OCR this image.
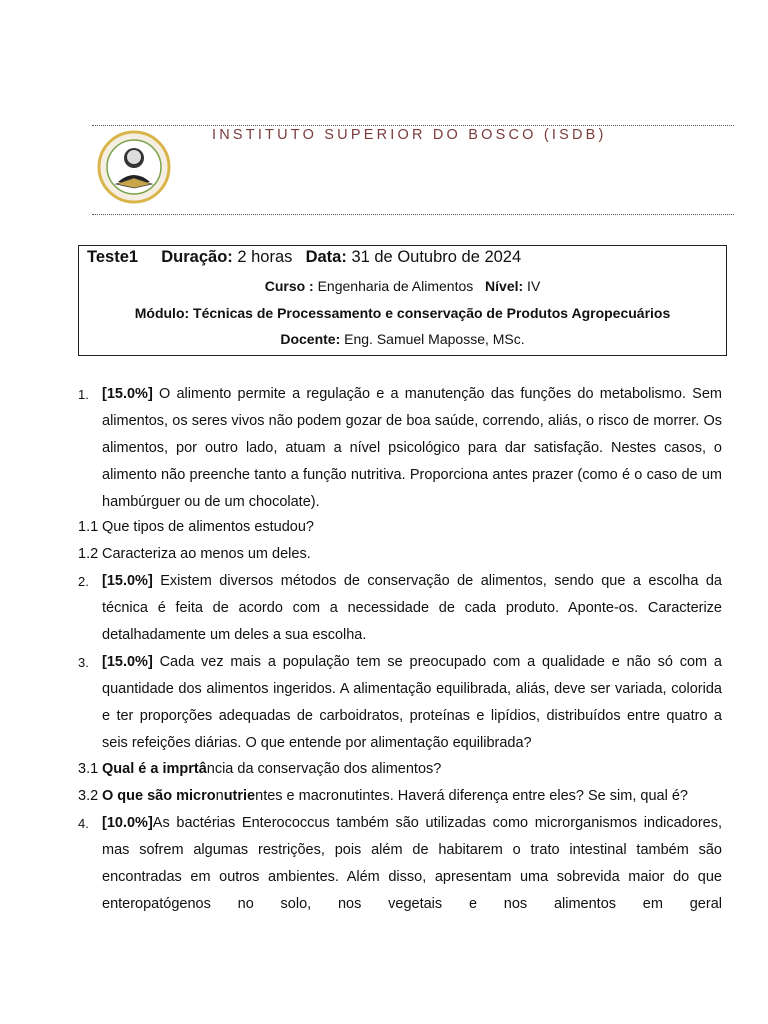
INSTITUTO SUPERIOR DO BOSCO (ISDB)
Teste1 Duração: 2 horas Data: 31 de Outubro de 2024
Curso : Engenharia de Alimentos Nível: IV
Módulo: Técnicas de Processamento e conservação de Produtos Agropecuários
Docente: Eng. Samuel Maposse, MSc.
1. [15.0%] O alimento permite a regulação e a manutenção das funções do metabolismo. Sem alimentos, os seres vivos não podem gozar de boa saúde, correndo, aliás, o risco de morrer. Os alimentos, por outro lado, atuam a nível psicológico para dar satisfação. Nestes casos, o alimento não preenche tanto a função nutritiva. Proporciona antes prazer (como é o caso de um hambúrguer ou de um chocolate).
1.1 Que tipos de alimentos estudou?
1.2 Caracteriza ao menos um deles.
2. [15.0%] Existem diversos métodos de conservação de alimentos, sendo que a escolha da técnica é feita de acordo com a necessidade de cada produto. Aponte-os. Caracterize detalhadamente um deles a sua escolha.
3. [15.0%] Cada vez mais a população tem se preocupado com a qualidade e não só com a quantidade dos alimentos ingeridos. A alimentação equilibrada, aliás, deve ser variada, colorida e ter proporções adequadas de carboidratos, proteínas e lipídios, distribuídos entre quatro a seis refeições diárias. O que entende por alimentação equilibrada?
3.1 Qual é a imprtância da conservação dos alimentos?
3.2 O que são micronutrientes e macronutintes. Haverá diferença entre eles? Se sim, qual é?
4. [10.0%]As bactérias Enterococcus também são utilizadas como microrganismos indicadores, mas sofrem algumas restrições, pois além de habitarem o trato intestinal também são encontradas em outros ambientes. Além disso, apresentam uma sobrevida maior do que enteropatógenos no solo, nos vegetais e nos alimentos em geral
